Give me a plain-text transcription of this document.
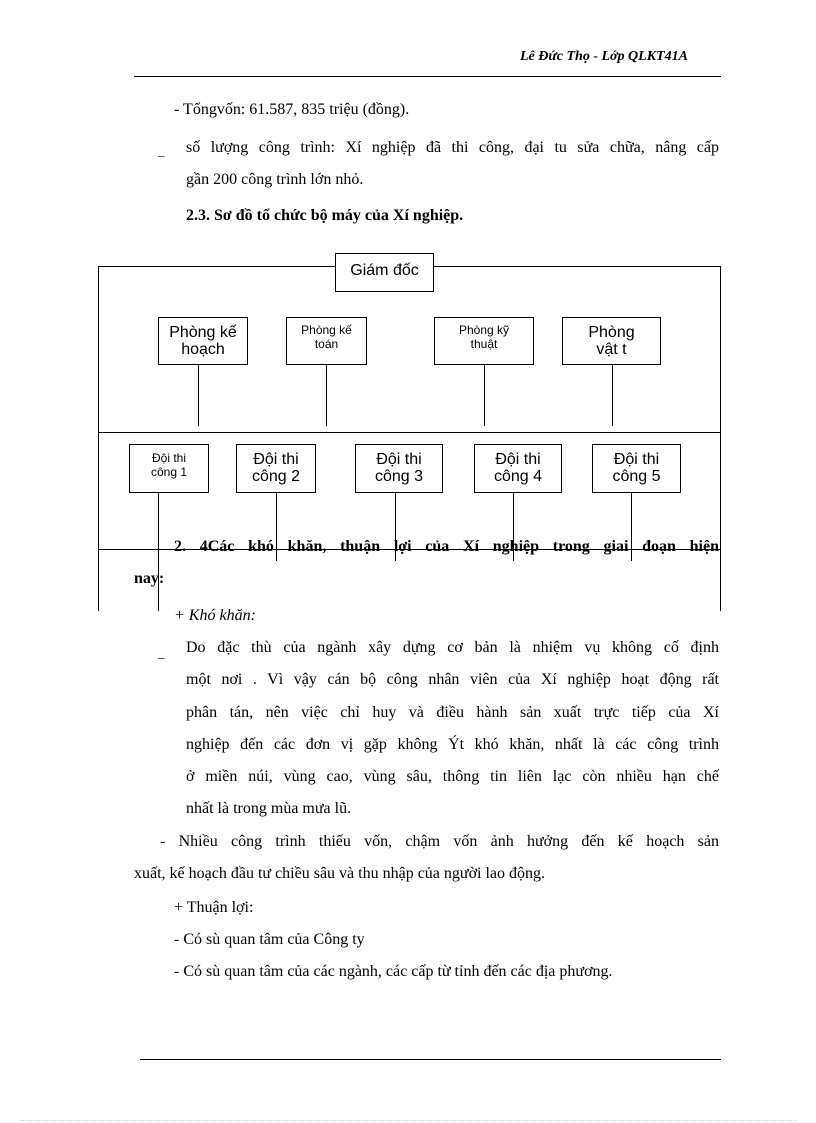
Lê Đức Thọ - Lớp QLKT41A
- Tổngvốn: 61.587, 835 triệu (đồng).
_ số lượng công trình: Xí nghiệp đã thi công, đại tu sửa chữa, nâng cấp
gần 200 công trình lớn nhỏ.
2.3. Sơ đồ tổ chức bộ máy của Xí nghiệp.
Giám đốc
Phòng kế hoạch
Phòng kế toán
Phòng kỹ thuật
Phòng vật t
Đội thi công 1
Đội thi công 2
Đội thi công 3
Đội thi công 4
Đội thi công 5
2. 4Các khó khăn, thuận lợi của Xí nghiệp trong giai đoạn hiện
nay:
+ Khó khăn:
_ Do đặc thù của ngành xây dựng cơ bản là nhiệm vụ không cố định
một nơi . Vì vậy cán bộ công nhân viên của Xí nghiệp hoạt động rất
phân tán, nên việc chỉ huy và điều hành sản xuất trực tiếp của Xí
nghiệp đến các đơn vị gặp không Ýt khó khăn, nhất là các công trình
ở miền núi, vùng cao, vùng sâu, thông tin liên lạc còn nhiều hạn chế
nhất là trong mùa mưa lũ.
- Nhiều công trình thiếu vốn, chậm vốn ảnh hưởng đến kế hoạch sản
xuất, kế hoạch đầu tư chiều sâu và thu nhập của người lao động.
+ Thuận lợi:
- Có sù quan tâm của Công ty
- Có sù quan tâm của các ngành, các cấp từ tỉnh đến các địa phương.
